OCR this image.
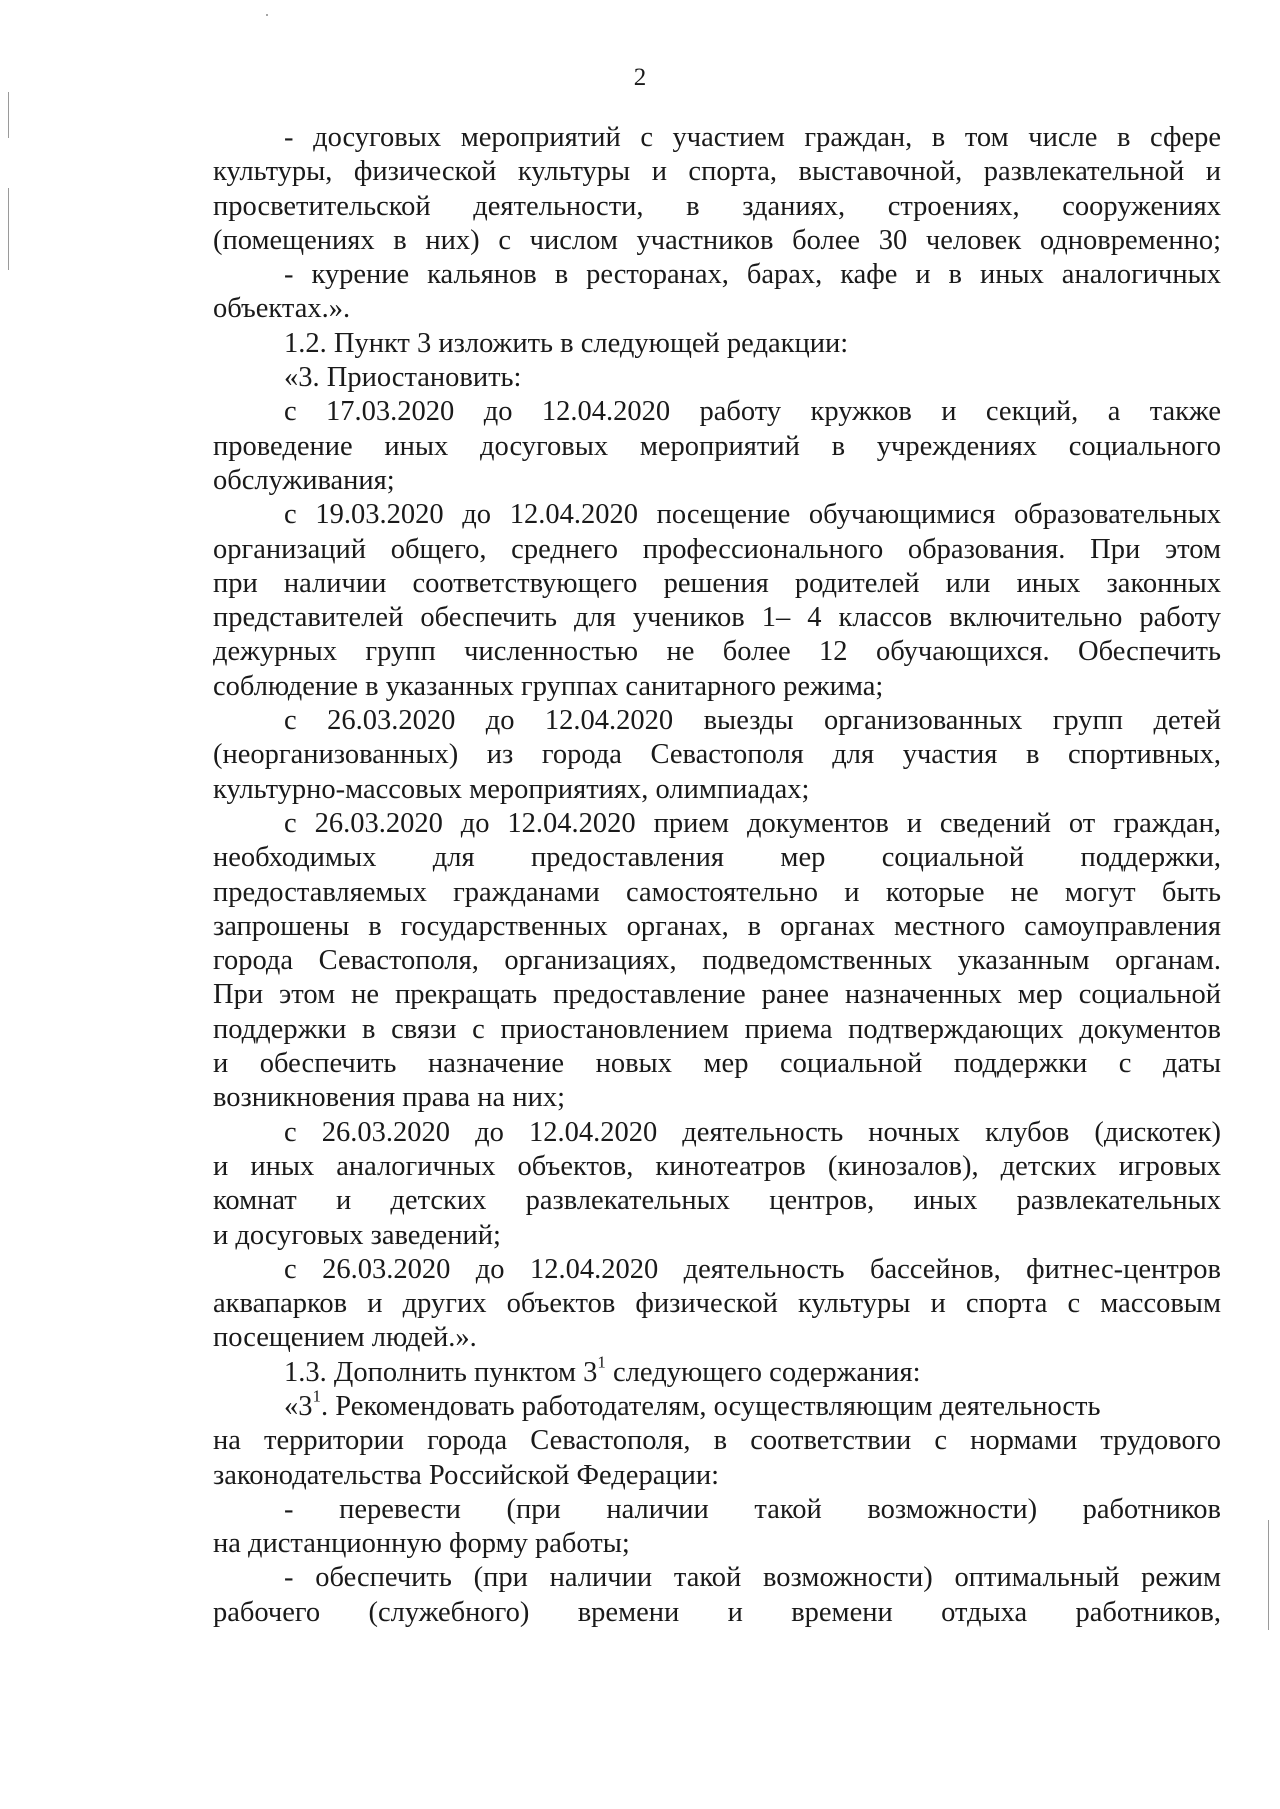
2
- досуговых мероприятий с участием граждан, в том числе в сфере
культуры, физической культуры и спорта, выставочной, развлекательной и
просветительской деятельности, в зданиях, строениях, сооружениях
(помещениях в них) с числом участников более 30 человек одновременно;
- курение кальянов в ресторанах, барах, кафе и в иных аналогичных
объектах.».
1.2. Пункт 3 изложить в следующей редакции:
«3. Приостановить:
с 17.03.2020 до 12.04.2020 работу кружков и секций, а также
проведение иных досуговых мероприятий в учреждениях социального
обслуживания;
с 19.03.2020 до 12.04.2020 посещение обучающимися образовательных
организаций общего, среднего профессионального образования. При этом
при наличии соответствующего решения родителей или иных законных
представителей обеспечить для учеников 1– 4 классов включительно работу
дежурных групп численностью не более 12 обучающихся. Обеспечить
соблюдение в указанных группах санитарного режима;
с 26.03.2020 до 12.04.2020 выезды организованных групп детей
(неорганизованных) из города Севастополя для участия в спортивных,
культурно-массовых мероприятиях, олимпиадах;
с 26.03.2020 до 12.04.2020 прием документов и сведений от граждан,
необходимых для предоставления мер социальной поддержки,
предоставляемых гражданами самостоятельно и которые не могут быть
запрошены в государственных органах, в органах местного самоуправления
города Севастополя, организациях, подведомственных указанным органам.
При этом не прекращать предоставление ранее назначенных мер социальной
поддержки в связи с приостановлением приема подтверждающих документов
и обеспечить назначение новых мер социальной поддержки с даты
возникновения права на них;
с 26.03.2020 до 12.04.2020 деятельность ночных клубов (дискотек)
и иных аналогичных объектов, кинотеатров (кинозалов), детских игровых
комнат и детских развлекательных центров, иных развлекательных
и досуговых заведений;
с 26.03.2020 до 12.04.2020 деятельность бассейнов, фитнес-центров
аквапарков и других объектов физической культуры и спорта с массовым
посещением людей.».
1.3. Дополнить пунктом $3^1$ следующего содержания:
«$3^1$. Рекомендовать работодателям, осуществляющим деятельность
на территории города Севастополя, в соответствии с нормами трудового
законодательства Российской Федерации:
- перевести (при наличии такой возможности) работников
на дистанционную форму работы;
- обеспечить (при наличии такой возможности) оптимальный режим
рабочего (служебного) времени и времени отдыха работников,
